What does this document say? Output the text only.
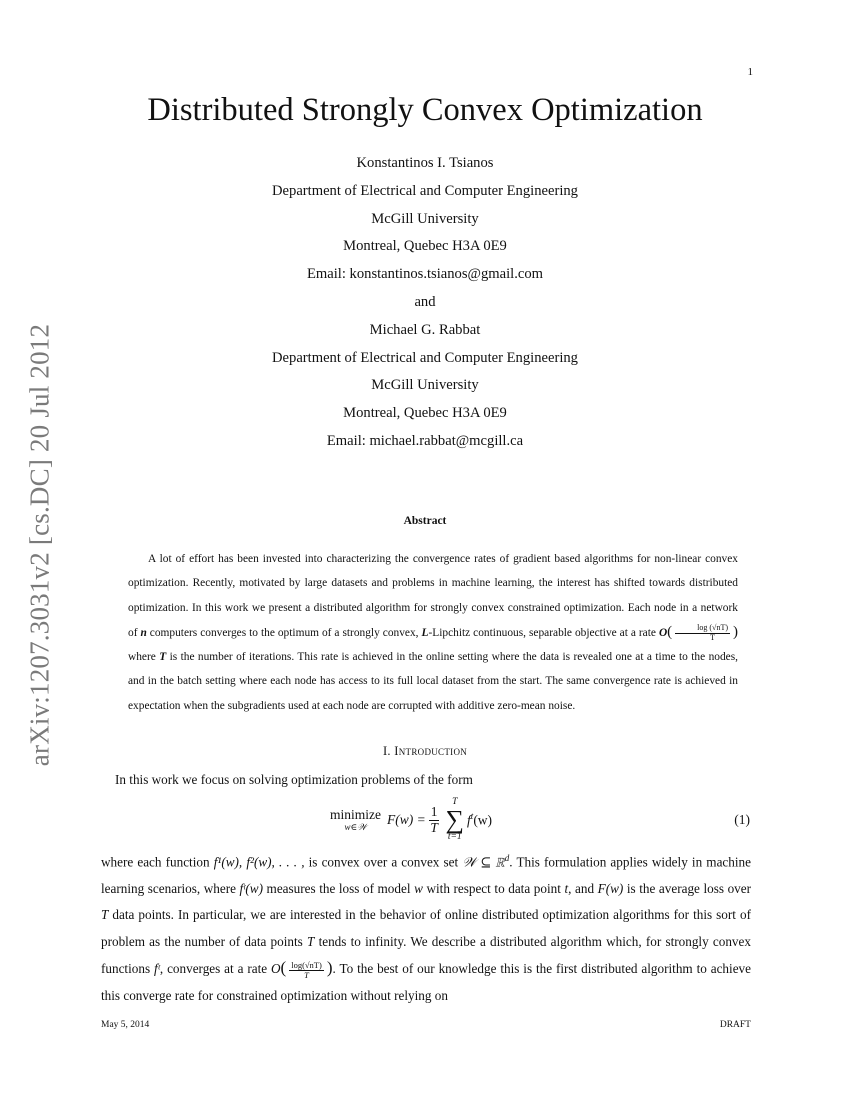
1
arXiv:1207.3031v2 [cs.DC] 20 Jul 2012
Distributed Strongly Convex Optimization
Konstantinos I. Tsianos
Department of Electrical and Computer Engineering
McGill University
Montreal, Quebec H3A 0E9
Email: konstantinos.tsianos@gmail.com
and
Michael G. Rabbat
Department of Electrical and Computer Engineering
McGill University
Montreal, Quebec H3A 0E9
Email: michael.rabbat@mcgill.ca
Abstract

A lot of effort has been invested into characterizing the convergence rates of gradient based algorithms for non-linear convex optimization. Recently, motivated by large datasets and problems in machine learning, the interest has shifted towards distributed optimization. In this work we present a distributed algorithm for strongly convex constrained optimization. Each node in a network of n computers converges to the optimum of a strongly convex, L-Lipchitz continuous, separable objective at a rate $O( \frac{\log (√nT)}{T}$ ) where T is the number of iterations. This rate is achieved in the online setting where the data is revealed one at a time to the nodes, and in the batch setting where each node has access to its full local dataset from the start. The same convergence rate is achieved in expectation when the subgradients used at each node are corrupted with additive zero-mean noise.

I. Introduction

In this work we focus on solving optimization problems of the form

minimize
w∈𝒲
$F(w) = \frac{1}{T}$
T
∑
t=1
$f^t(w)$	(1)

where each function f¹(w), f²(w), . . . , is convex over a convex set 𝒲 ⊆ ℝ$^d$. This formulation applies widely in machine learning scenarios, where fᵗ(w) measures the loss of model w with respect to data point t, and F(w) is the average loss over T data points. In particular, we are interested in the behavior of online distributed optimization algorithms for this sort of problem as the number of data points T tends to infinity. We describe a distributed algorithm which, for strongly convex functions fᵗ, converges at a rate $O( \frac{\log(√nT)}{T}$ ). To the best of our knowledge this is the first distributed algorithm to achieve this converge rate for constrained optimization without relying on

May 5, 2014	DRAFT
